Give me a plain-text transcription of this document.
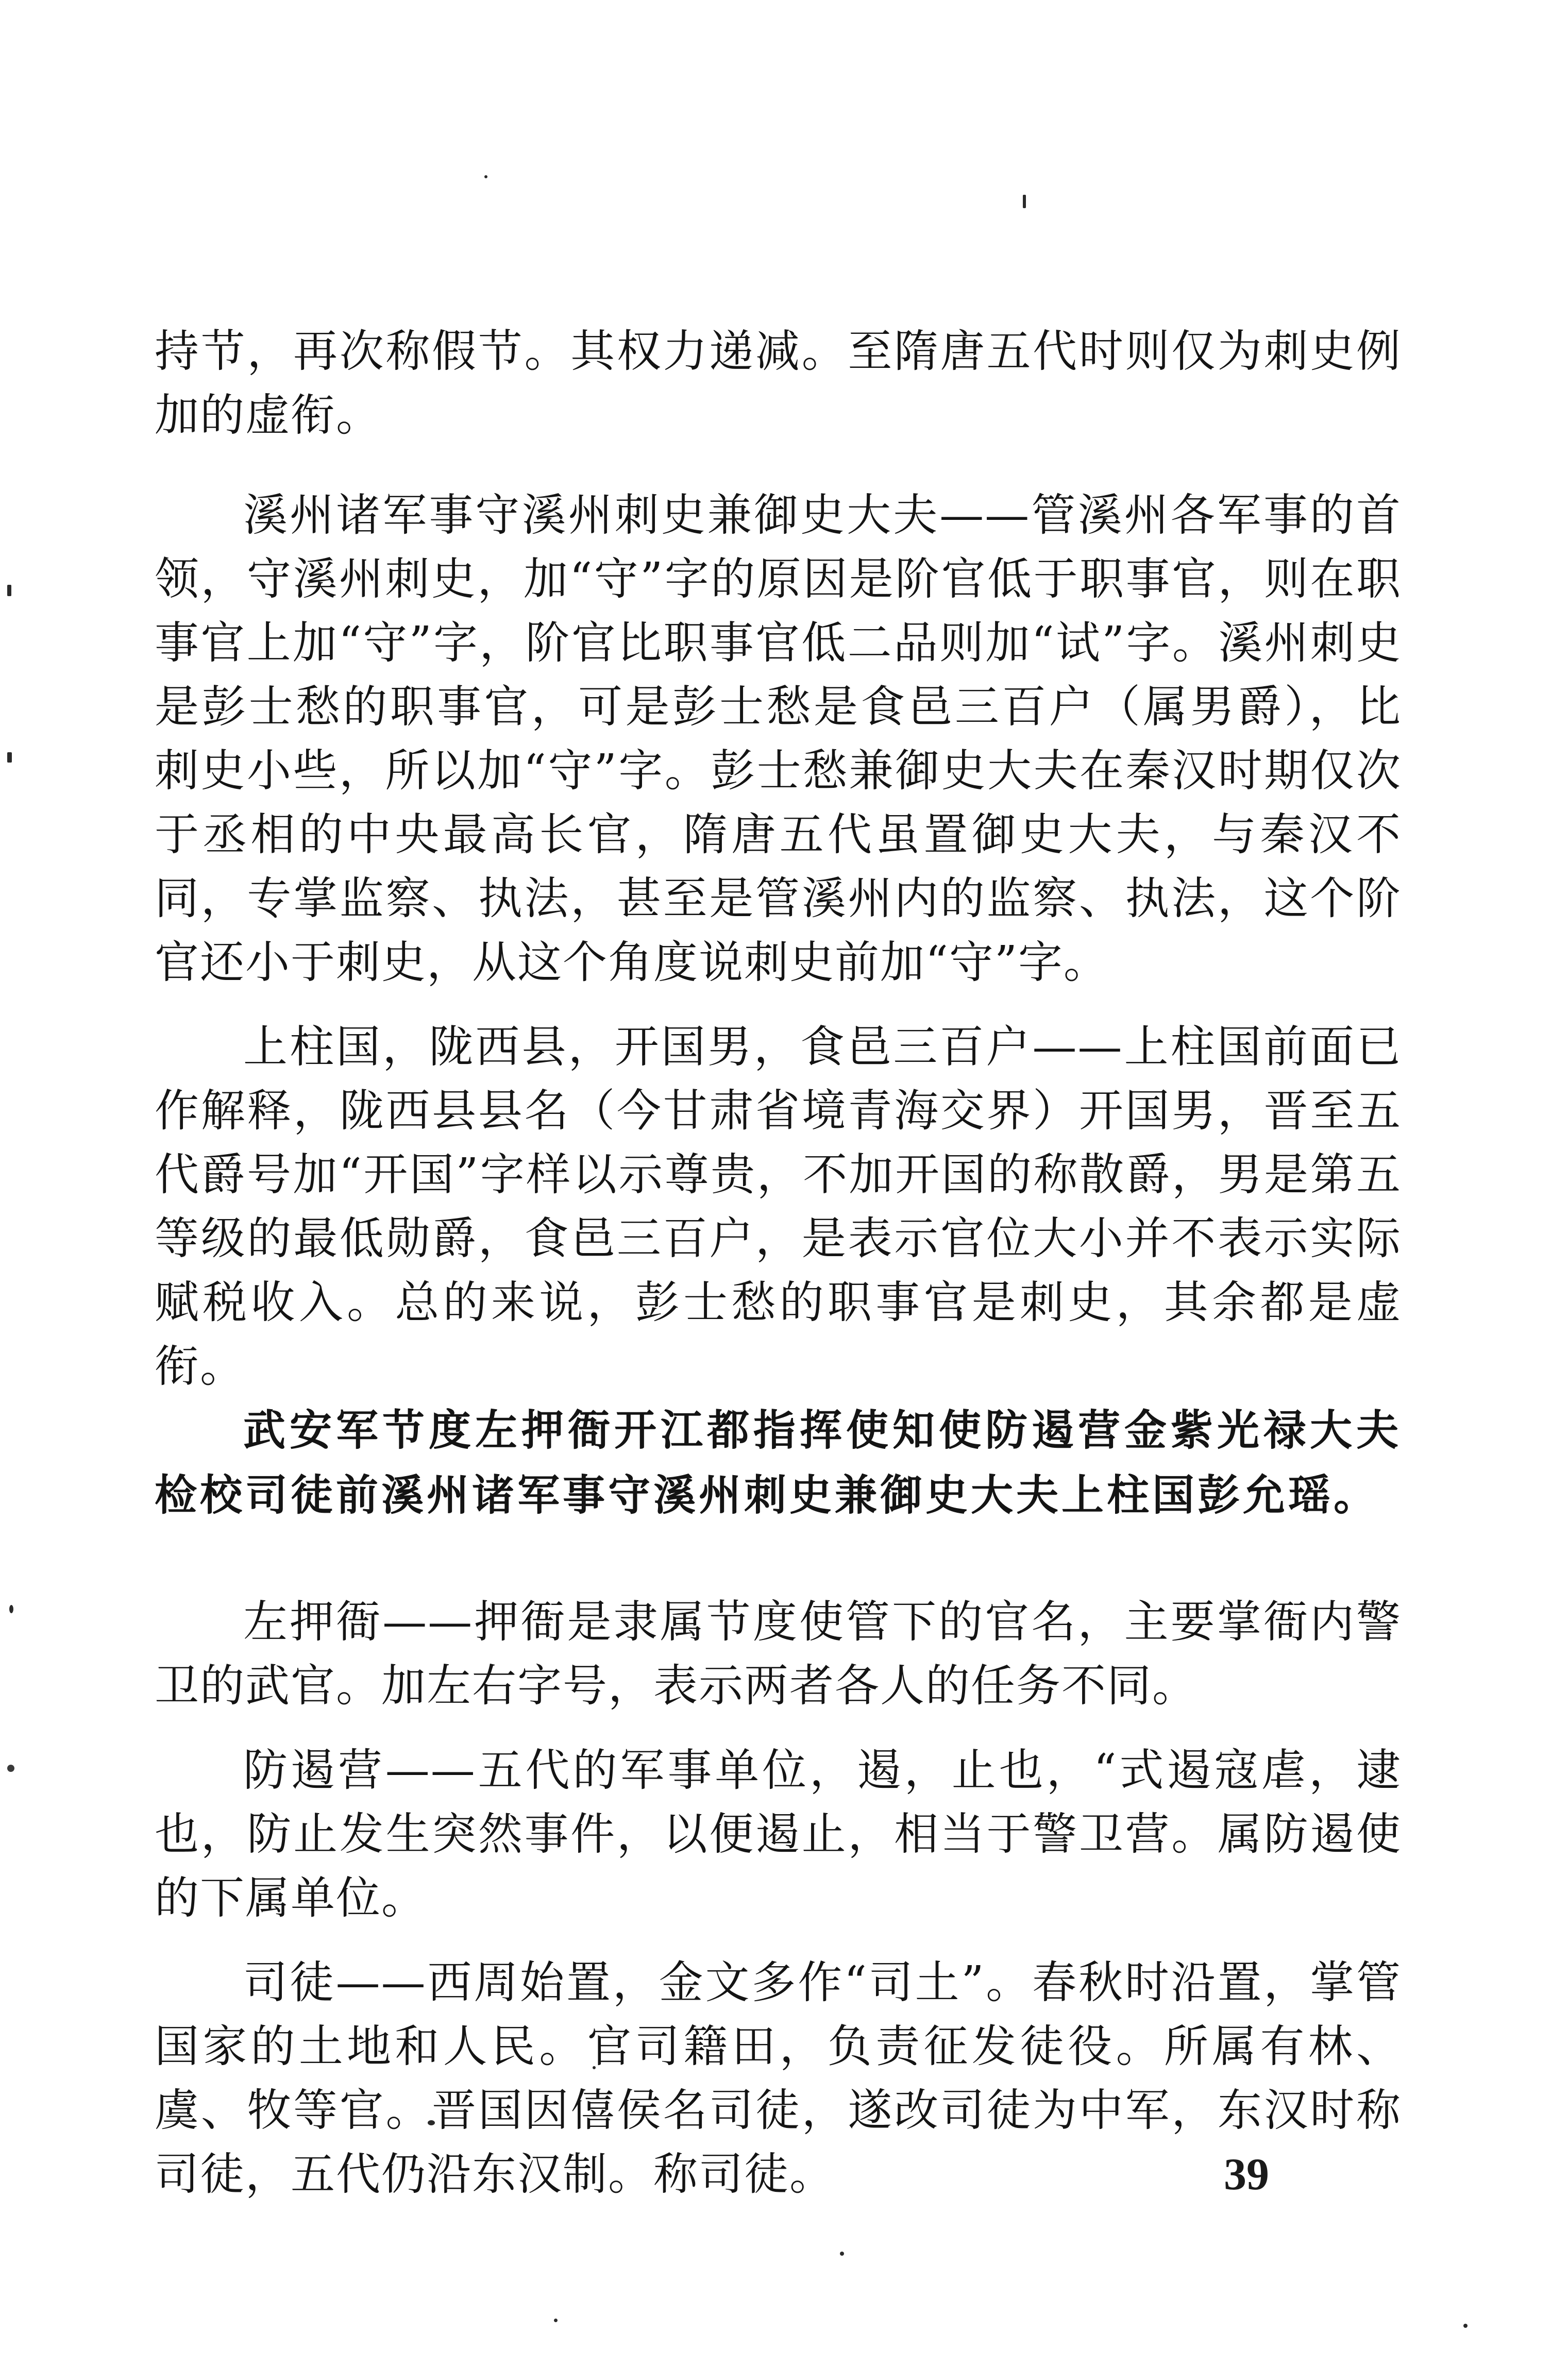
持节，再次称假节。其权力递减。至隋唐五代时则仅为刺史例加的虚衔。

溪州诸军事守溪州刺史兼御史大夫——管溪州各军事的首领，守溪州刺史，加“守”字的原因是阶官低于职事官，则在职事官上加“守”字，阶官比职事官低二品则加“试”字。溪州刺史是彭士愁的职事官，可是彭士愁是食邑三百户（属男爵），比刺史小些，所以加“守”字。彭士愁兼御史大夫在秦汉时期仅次于丞相的中央最高长官，隋唐五代虽置御史大夫，与秦汉不同，专掌监察、执法，甚至是管溪州内的监察、执法，这个阶官还小于刺史，从这个角度说刺史前加“守”字。

上柱国，陇西县，开国男，食邑三百户——上柱国前面已作解释，陇西县县名（今甘肃省境青海交界）开国男，晋至五代爵号加“开国”字样以示尊贵，不加开国的称散爵，男是第五等级的最低勋爵，食邑三百户，是表示官位大小并不表示实际赋税收入。总的来说，彭士愁的职事官是刺史，其余都是虚衔。

武安军节度左押衙开江都指挥使知使防遏营金紫光禄大夫检校司徒前溪州诸军事守溪州刺史兼御史大夫上柱国彭允瑶。

左押衙——押衙是隶属节度使管下的官名，主要掌衙内警卫的武官。加左右字号，表示两者各人的任务不同。

防遏营——五代的军事单位，遏，止也，“式遏寇虐，逮也，防止发生突然事件，以便遏止，相当于警卫营。属防遏使的下属单位。

司徒——西周始置，金文多作“司土”。春秋时沿置，掌管国家的土地和人民。官司籍田，负责征发徒役。所属有林、虞、牧等官。晋国因僖侯名司徒，遂改司徒为中军，东汉时称司徒，五代仍沿东汉制。称司徒。	39
